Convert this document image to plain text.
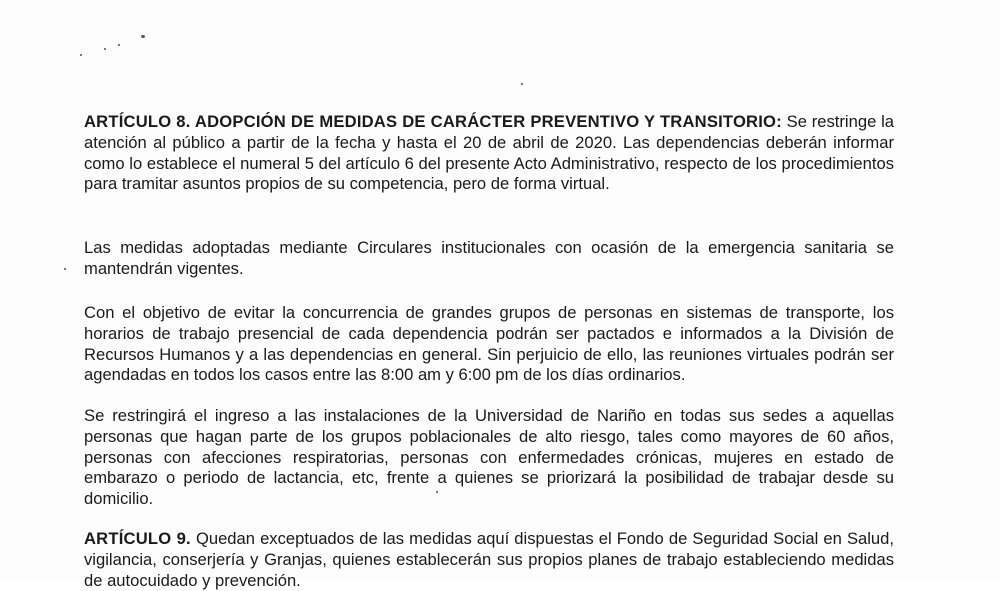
ARTÍCULO 8. ADOPCIÓN DE MEDIDAS DE CARÁCTER PREVENTIVO Y TRANSITORIO: Se restringe la atención al público a partir de la fecha y hasta el 20 de abril de 2020. Las dependencias deberán informar como lo establece el numeral 5 del artículo 6 del presente Acto Administrativo, respecto de los procedimientos para tramitar asuntos propios de su competencia, pero de forma virtual.

Las medidas adoptadas mediante Circulares institucionales con ocasión de la emergencia sanitaria se mantendrán vigentes.

Con el objetivo de evitar la concurrencia de grandes grupos de personas en sistemas de transporte, los horarios de trabajo presencial de cada dependencia podrán ser pactados e informados a la División de Recursos Humanos y a las dependencias en general. Sin perjuicio de ello, las reuniones virtuales podrán ser agendadas en todos los casos entre las 8:00 am y 6:00 pm de los días ordinarios.

Se restringirá el ingreso a las instalaciones de la Universidad de Nariño en todas sus sedes a aquellas personas que hagan parte de los grupos poblacionales de alto riesgo, tales como mayores de 60 años, personas con afecciones respiratorias, personas con enfermedades crónicas, mujeres en estado de embarazo o periodo de lactancia, etc, frente a quienes se priorizará la posibilidad de trabajar desde su domicilio.

ARTÍCULO 9. Quedan exceptuados de las medidas aquí dispuestas el Fondo de Seguridad Social en Salud, vigilancia, conserjería y Granjas, quienes establecerán sus propios planes de trabajo estableciendo medidas de autocuidado y prevención.
